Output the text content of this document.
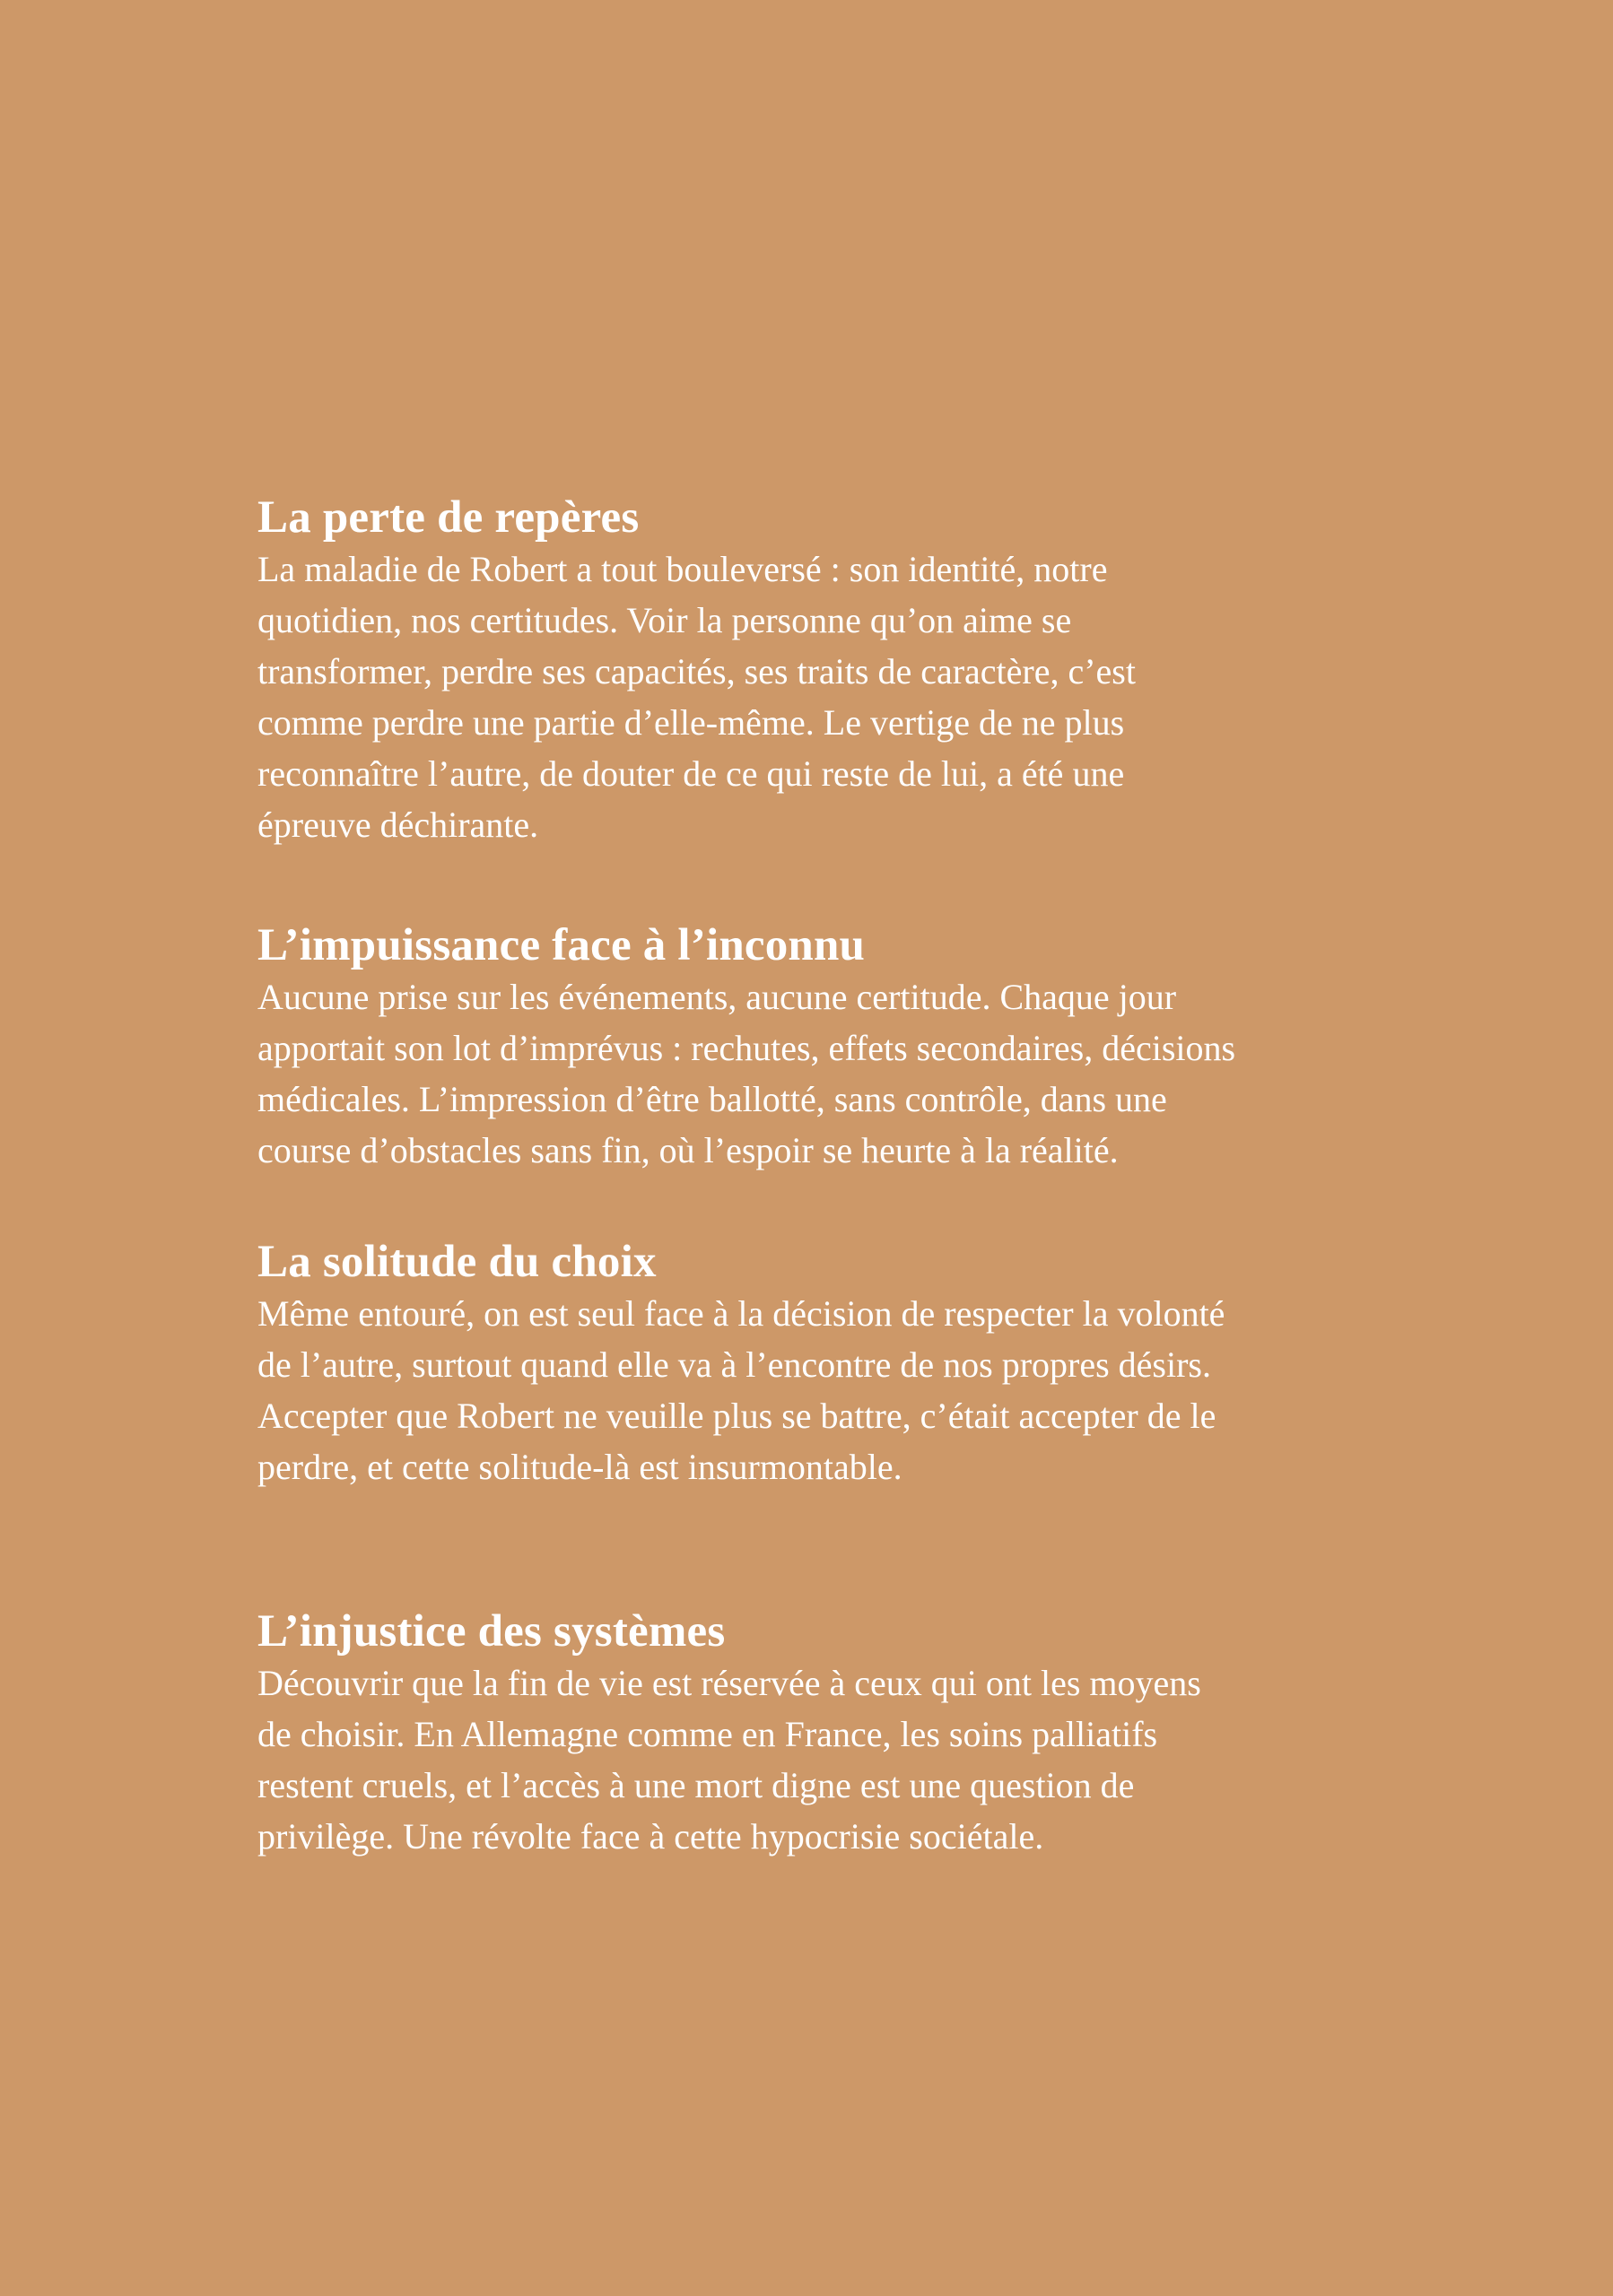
La perte de repères

La maladie de Robert a tout bouleversé : son identité, notre
quotidien, nos certitudes. Voir la personne qu’on aime se
transformer, perdre ses capacités, ses traits de caractère, c’est
comme perdre une partie d’elle-même. Le vertige de ne plus
reconnaître l’autre, de douter de ce qui reste de lui, a été une
épreuve déchirante.

L’impuissance face à l’inconnu

Aucune prise sur les événements, aucune certitude. Chaque jour
apportait son lot d’imprévus : rechutes, effets secondaires, décisions
médicales. L’impression d’être ballotté, sans contrôle, dans une
course d’obstacles sans fin, où l’espoir se heurte à la réalité.

La solitude du choix

Même entouré, on est seul face à la décision de respecter la volonté
de l’autre, surtout quand elle va à l’encontre de nos propres désirs.
Accepter que Robert ne veuille plus se battre, c’était accepter de le
perdre, et cette solitude-là est insurmontable.

L’injustice des systèmes

Découvrir que la fin de vie est réservée à ceux qui ont les moyens
de choisir. En Allemagne comme en France, les soins palliatifs
restent cruels, et l’accès à une mort digne est une question de
privilège. Une révolte face à cette hypocrisie sociétale.
